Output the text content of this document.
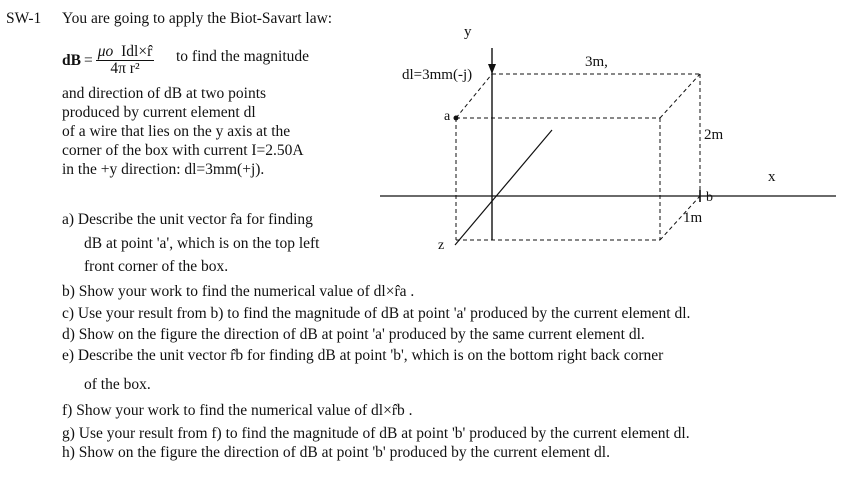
SW-1 You are going to apply the Biot-Savart law:
dB = $\frac{\text{μo Idl×r̂}}{\text{4π r²}}$ to find the magnitude
and direction of dB at two points
produced by current element dl
of a wire that lies on the y axis at the
corner of the box with current I=2.50A
in the +y direction: dl=3mm(+j).
y
x
z
dl=3mm(-j)
3m,
2m
1m
a
b
a) Describe the unit vector r̂a for finding
dB at point 'a', which is on the top left
front corner of the box.
b) Show your work to find the numerical value of dl×r̂a .
c) Use your result from b) to find the magnitude of dB at point 'a' produced by the current element dl.
d) Show on the figure the direction of dB at point 'a' produced by the same current element dl.
e) Describe the unit vector r̂b for finding dB at point 'b', which is on the bottom right back corner
of the box.
f) Show your work to find the numerical value of dl×r̂b .
g) Use your result from f) to find the magnitude of dB at point 'b' produced by the current element dl.
h) Show on the figure the direction of dB at point 'b' produced by the current element dl.
